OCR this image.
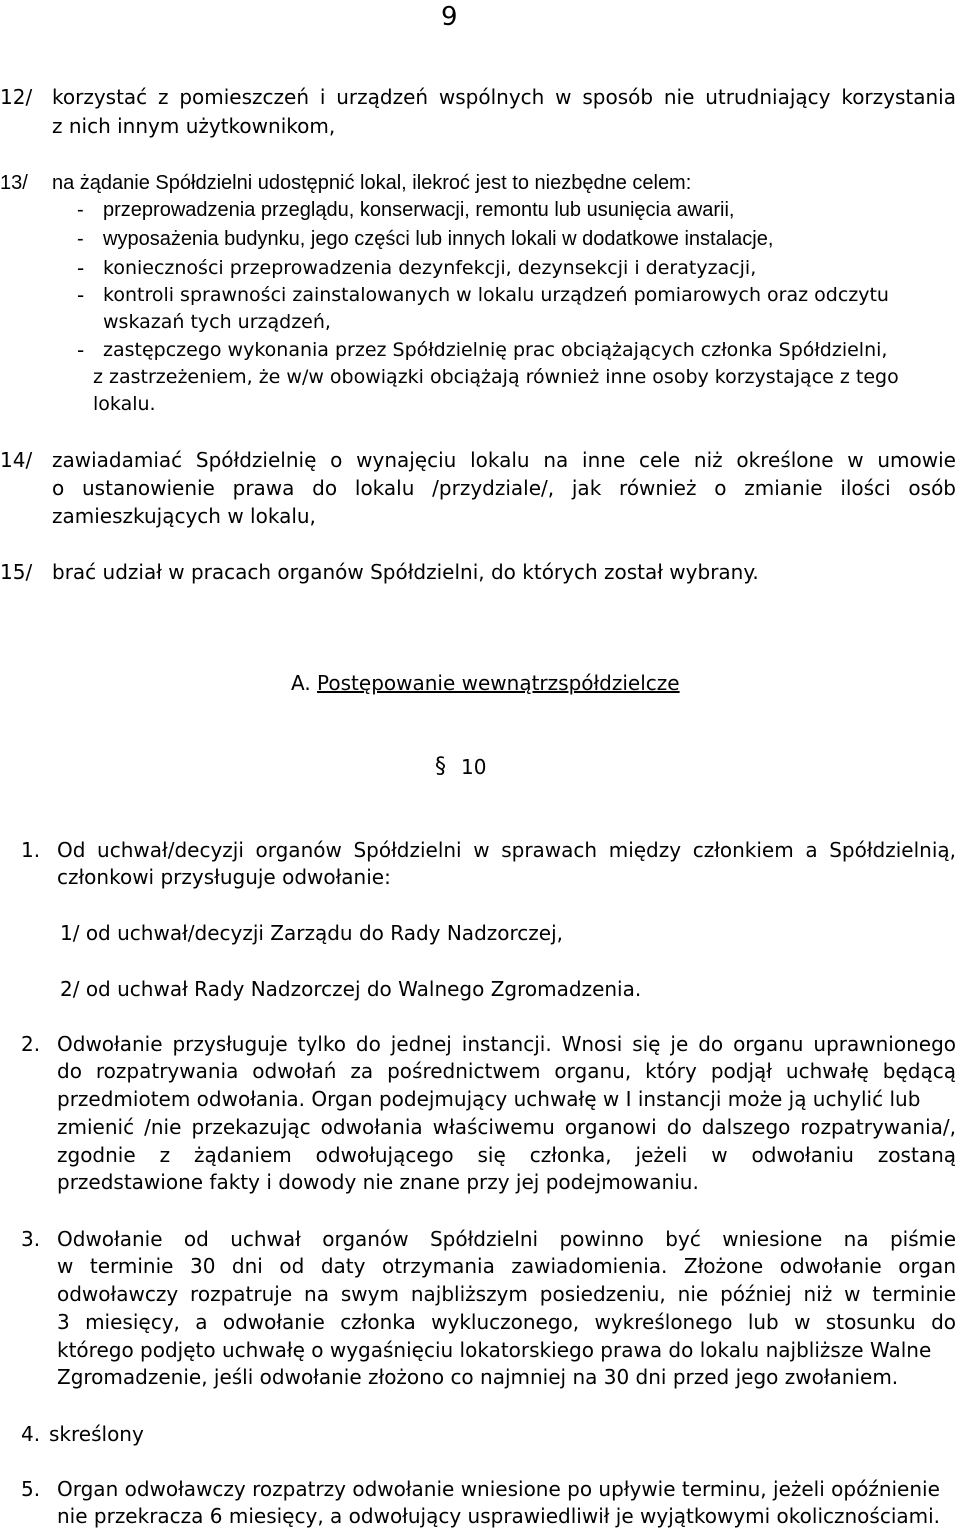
9
12/ korzystać z pomieszczeń i urządzeń wspólnych w sposób nie utrudniający korzystania
z nich innym użytkownikom,
13/ na żądanie Spółdzielni udostępnić lokal, ilekroć jest to niezbędne celem:
- przeprowadzenia przeglądu, konserwacji, remontu lub usunięcia awarii,
- wyposażenia budynku, jego części lub innych lokali w dodatkowe instalacje,
- konieczności przeprowadzenia dezynfekcji, dezynsekcji i deratyzacji,
- kontroli sprawności zainstalowanych w lokalu urządzeń pomiarowych oraz odczytu
wskazań tych urządzeń,
- zastępczego wykonania przez Spółdzielnię prac obciążających członka Spółdzielni,
z zastrzeżeniem, że w/w obowiązki obciążają również inne osoby korzystające z tego
lokalu.
14/ zawiadamiać Spółdzielnię o wynajęciu lokalu na inne cele niż określone w umowie
o ustanowienie prawa do lokalu /przydziale/, jak również o zmianie ilości osób
zamieszkujących w lokalu,
15/ brać udział w pracach organów Spółdzielni, do których został wybrany.
A. Postępowanie wewnątrzspółdzielcze
§ 10
1. Od uchwał/decyzji organów Spółdzielni w sprawach między członkiem a Spółdzielnią,
członkowi przysługuje odwołanie:
1/ od uchwał/decyzji Zarządu do Rady Nadzorczej,
2/ od uchwał Rady Nadzorczej do Walnego Zgromadzenia.
2. Odwołanie przysługuje tylko do jednej instancji. Wnosi się je do organu uprawnionego
do rozpatrywania odwołań za pośrednictwem organu, który podjął uchwałę będącą
przedmiotem odwołania. Organ podejmujący uchwałę w I instancji może ją uchylić lub
zmienić /nie przekazując odwołania właściwemu organowi do dalszego rozpatrywania/,
zgodnie z żądaniem odwołującego się członka, jeżeli w odwołaniu zostaną
przedstawione fakty i dowody nie znane przy jej podejmowaniu.
3. Odwołanie od uchwał organów Spółdzielni powinno być wniesione na piśmie
w terminie 30 dni od daty otrzymania zawiadomienia. Złożone odwołanie organ
odwoławczy rozpatruje na swym najbliższym posiedzeniu, nie później niż w terminie
3 miesięcy, a odwołanie członka wykluczonego, wykreślonego lub w stosunku do
którego podjęto uchwałę o wygaśnięciu lokatorskiego prawa do lokalu najbliższe Walne
Zgromadzenie, jeśli odwołanie złożono co najmniej na 30 dni przed jego zwołaniem.
4. skreślony
5. Organ odwoławczy rozpatrzy odwołanie wniesione po upływie terminu, jeżeli opóźnienie
nie przekracza 6 miesięcy, a odwołujący usprawiedliwił je wyjątkowymi okolicznościami.
